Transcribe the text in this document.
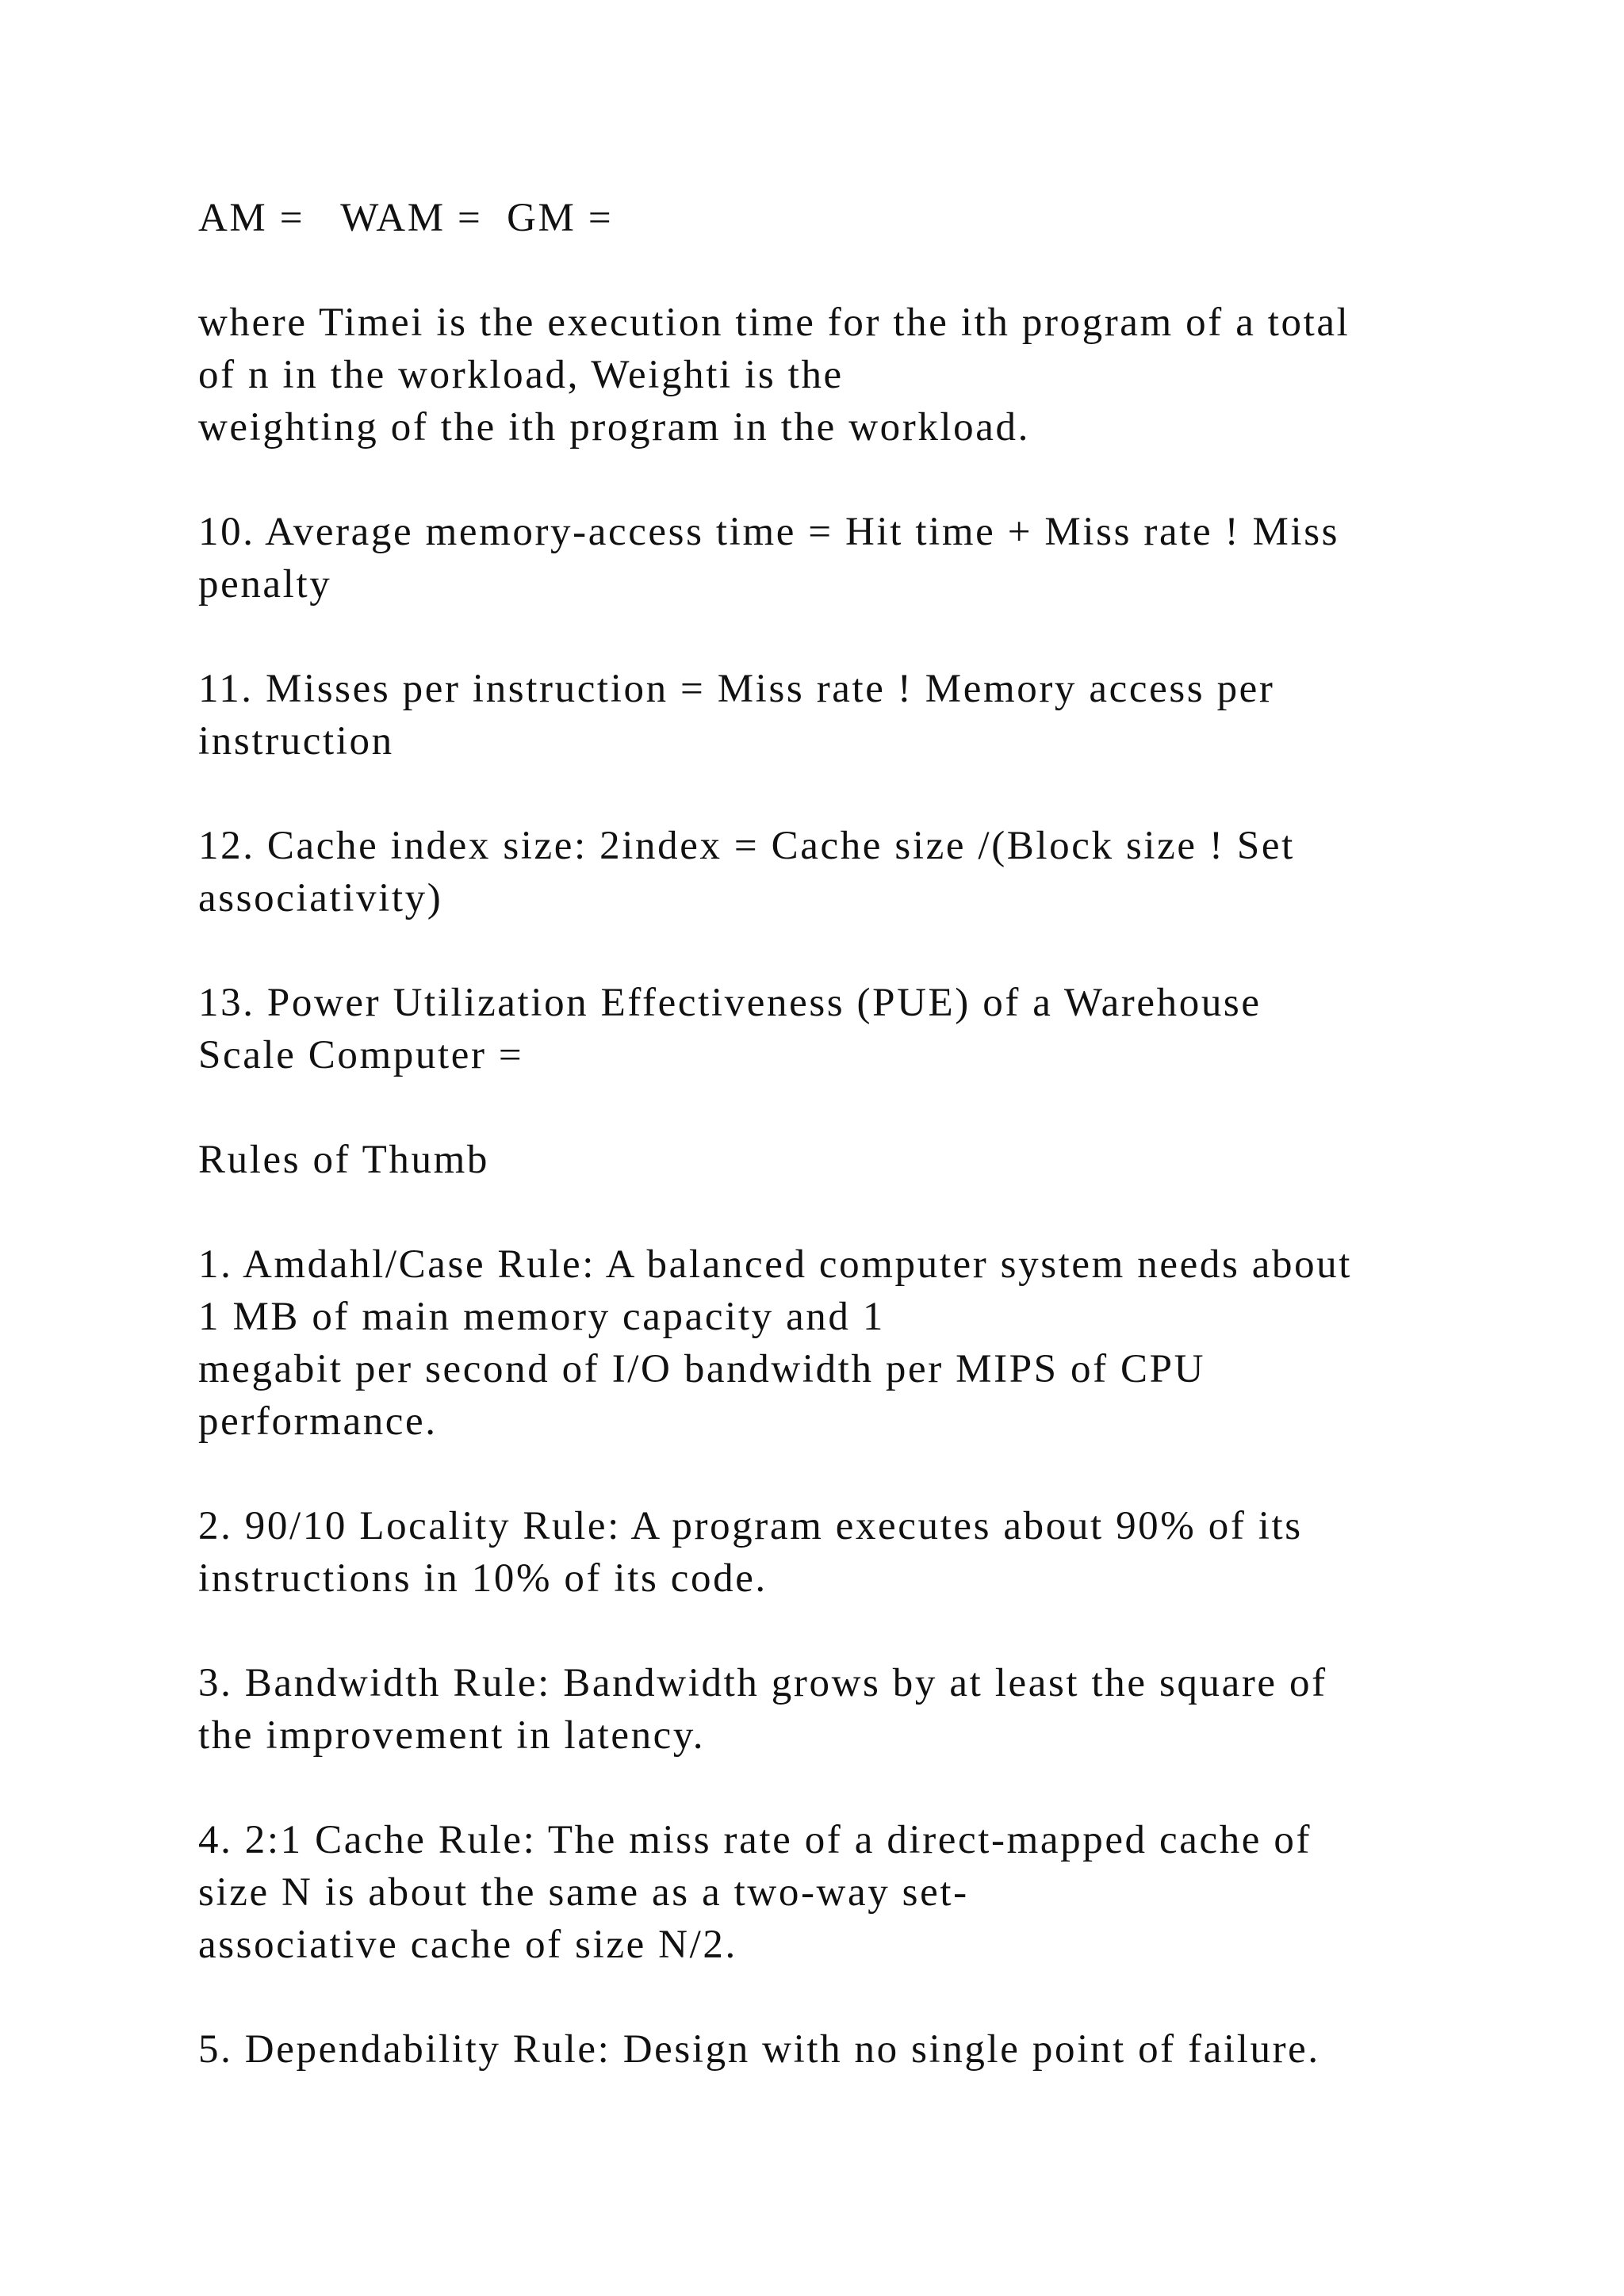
AM =   WAM =  GM =

where Timei is the execution time for the ith program of a total
of n in the workload, Weighti is the
weighting of the ith program in the workload.

10. Average memory-access time = Hit time + Miss rate ! Miss
penalty

11. Misses per instruction = Miss rate ! Memory access per
instruction

12. Cache index size: 2index = Cache size /(Block size ! Set
associativity)

13. Power Utilization Effectiveness (PUE) of a Warehouse
Scale Computer =

Rules of Thumb

1. Amdahl/Case Rule: A balanced computer system needs about
1 MB of main memory capacity and 1
megabit per second of I/O bandwidth per MIPS of CPU
performance.

2. 90/10 Locality Rule: A program executes about 90% of its
instructions in 10% of its code.

3. Bandwidth Rule: Bandwidth grows by at least the square of
the improvement in latency.

4. 2:1 Cache Rule: The miss rate of a direct-mapped cache of
size N is about the same as a two-way set-
associative cache of size N/2.

5. Dependability Rule: Design with no single point of failure.
